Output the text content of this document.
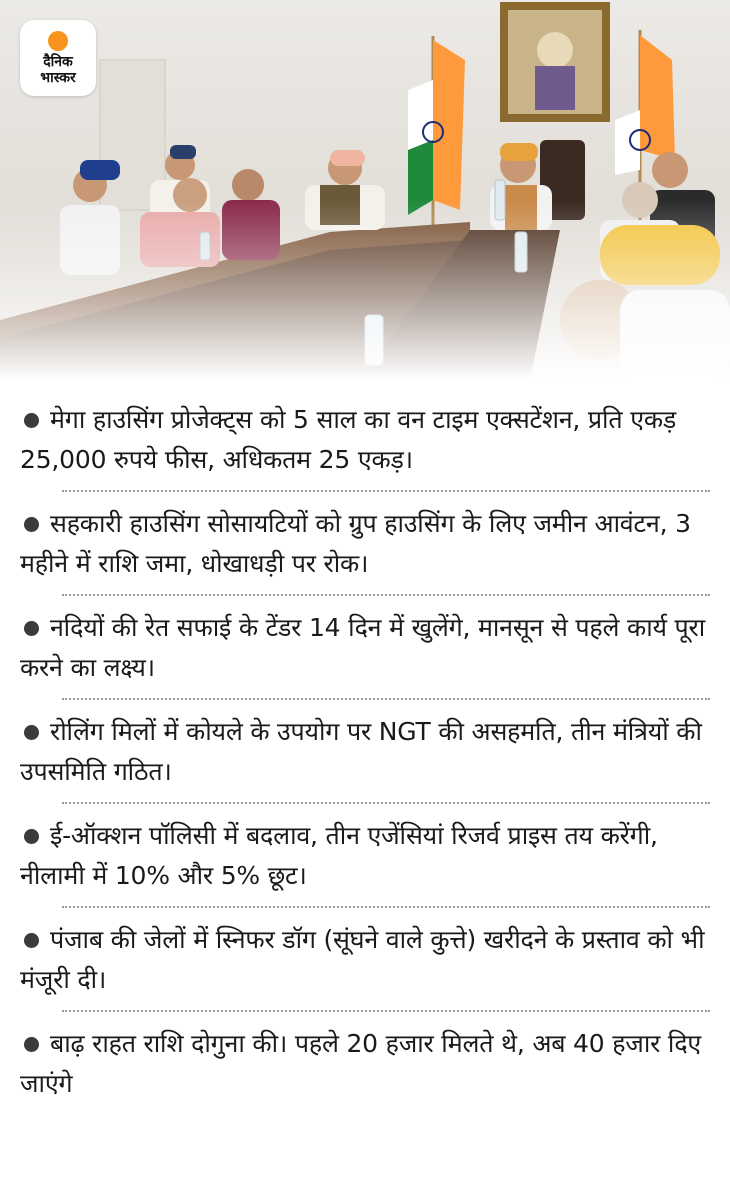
दैनिक
भास्कर

मेगा हाउसिंग प्रोजेक्ट्स को 5 साल का वन टाइम एक्सटेंशन, प्रति एकड़ 25,000 रुपये फीस, अधिकतम 25 एकड़।

सहकारी हाउसिंग सोसायटियों को ग्रुप हाउसिंग के लिए जमीन आवंटन, 3 महीने में राशि जमा, धोखाधड़ी पर रोक।

नदियों की रेत सफाई के टेंडर 14 दिन में खुलेंगे, मानसून से पहले कार्य पूरा करने का लक्ष्य।

रोलिंग मिलों में कोयले के उपयोग पर NGT की असहमति, तीन मंत्रियों की उपसमिति गठित।

ई-ऑक्शन पॉलिसी में बदलाव, तीन एजेंसियां रिजर्व प्राइस तय करेंगी, नीलामी में 10% और 5% छूट।

पंजाब की जेलों में स्निफर डॉग (सूंघने वाले कुत्ते) खरीदने के प्रस्ताव को भी मंजूरी दी।

बाढ़ राहत राशि दोगुना की। पहले 20 हजार मिलते थे, अब 40 हजार दिए जाएंगे
